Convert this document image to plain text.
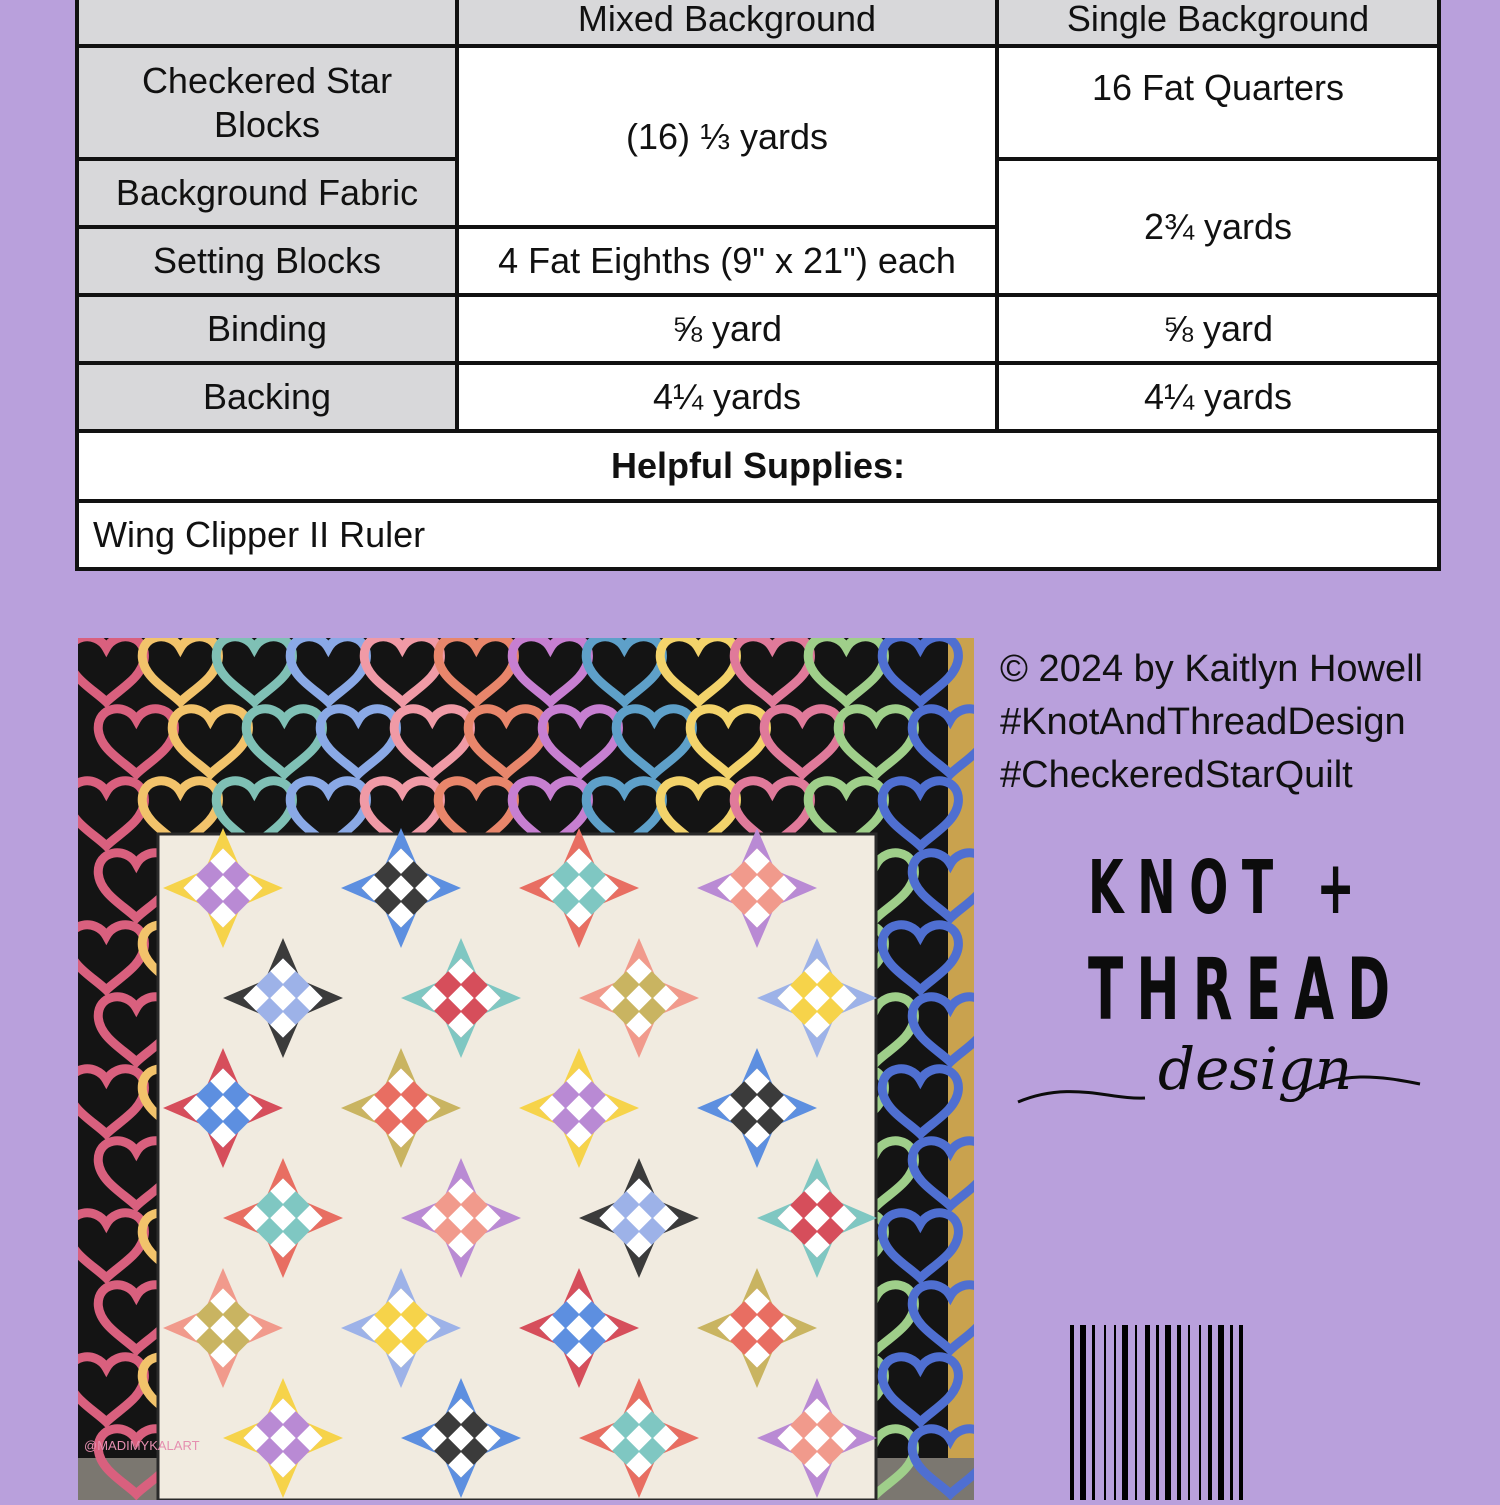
	Mixed Background	Single Background
Checkered Star Blocks	(16) ⅓ yards	16 Fat Quarters
Background Fabric		2¾ yards
Setting Blocks	4 Fat Eighths (9" x 21") each	
Binding	⅝ yard	⅝ yard
Backing	4¼ yards	4¼ yards
Helpful Supplies:		
Wing Clipper II Ruler		
@MADIMYKALART
© 2024 by Kaitlyn Howell
#KnotAndThreadDesign
#CheckeredStarQuilt
KNOT +
THREAD
design
